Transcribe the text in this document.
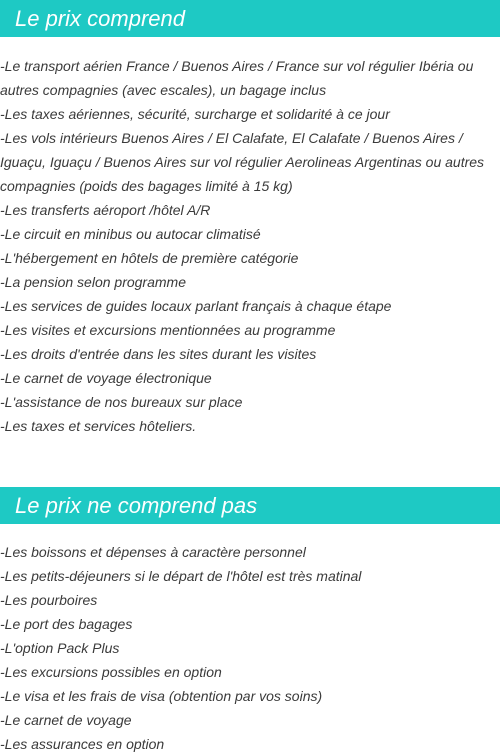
Le prix comprend
-Le transport aérien France / Buenos Aires / France sur vol régulier Ibéria ou autres compagnies (avec escales), un bagage inclus
-Les taxes aériennes, sécurité, surcharge et solidarité à ce jour
-Les vols intérieurs Buenos Aires / El Calafate, El Calafate / Buenos Aires / Iguaçu, Iguaçu / Buenos Aires sur vol régulier Aerolineas Argentinas ou autres compagnies (poids des bagages limité à 15 kg)
-Les transferts aéroport /hôtel A/R
-Le circuit en minibus ou autocar climatisé
-L'hébergement en hôtels de première catégorie
-La pension selon programme
-Les services de guides locaux parlant français à chaque étape
-Les visites et excursions mentionnées au programme
-Les droits d'entrée dans les sites durant les visites
-Le carnet de voyage électronique
-L'assistance de nos bureaux sur place
-Les taxes et services hôteliers.
Le prix ne comprend pas
-Les boissons et dépenses à caractère personnel
-Les petits-déjeuners si le départ de l'hôtel est très matinal
-Les pourboires
-Le port des bagages
-L'option Pack Plus
-Les excursions possibles en option
-Le visa et les frais de visa (obtention par vos soins)
-Le carnet de voyage
-Les assurances en option
